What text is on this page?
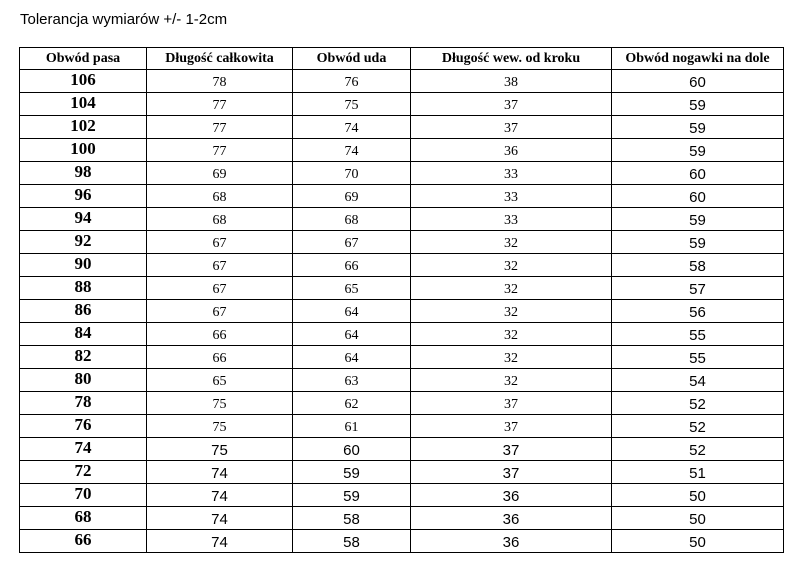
Tolerancja wymiarów +/- 1-2cm
Obwód pasa	Długość całkowita	Obwód uda	Długość wew. od kroku	Obwód nogawki na dole
106	78	76	38	60
104	77	75	37	59
102	77	74	37	59
100	77	74	36	59
98	69	70	33	60
96	68	69	33	60
94	68	68	33	59
92	67	67	32	59
90	67	66	32	58
88	67	65	32	57
86	67	64	32	56
84	66	64	32	55
82	66	64	32	55
80	65	63	32	54
78	75	62	37	52
76	75	61	37	52
74	75	60	37	52
72	74	59	37	51
70	74	59	36	50
68	74	58	36	50
66	74	58	36	50
